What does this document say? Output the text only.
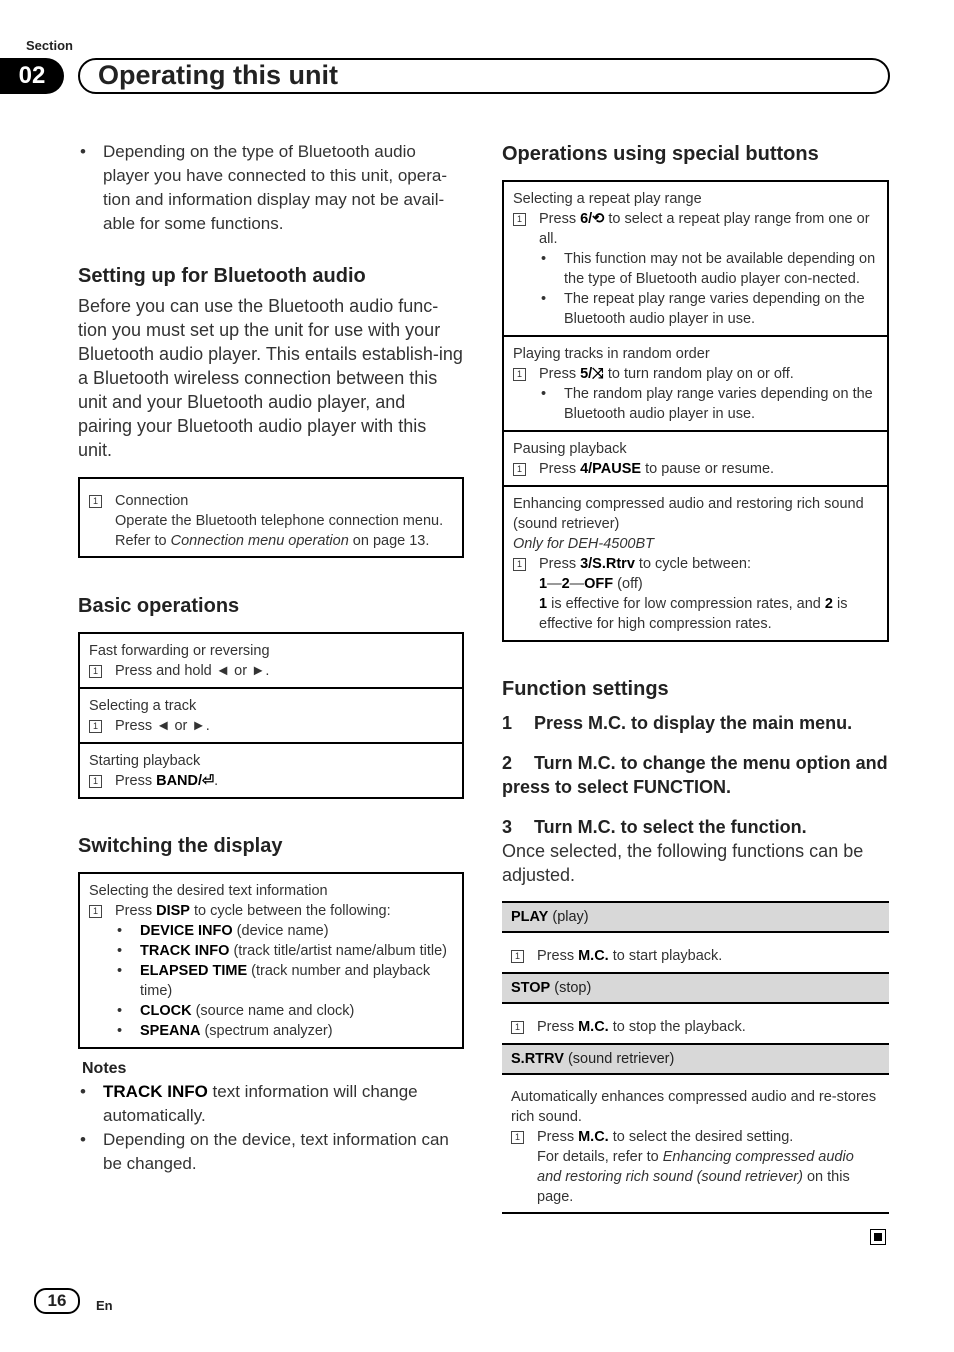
Section
02	Operating this unit
• Depending on the type of Bluetooth audio player you have connected to this unit, opera-tion and information display may not be avail-able for some functions.
Setting up for Bluetooth audio
Before you can use the Bluetooth audio func-tion you must set up the unit for use with your Bluetooth audio player. This entails establish-ing a Bluetooth wireless connection between this unit and your Bluetooth audio player, and pairing your Bluetooth audio player with this unit.
1 Connection
Operate the Bluetooth telephone connection menu. Refer to Connection menu operation on page 13.
Basic operations
Fast forwarding or reversing
1 Press and hold ◄ or ►.
Selecting a track
1 Press ◄ or ►.
Starting playback
1 Press BAND/⏎.
Switching the display
Selecting the desired text information
1 Press DISP to cycle between the following:
• DEVICE INFO (device name)
• TRACK INFO (track title/artist name/album title)
• ELAPSED TIME (track number and playback time)
• CLOCK (source name and clock)
• SPEANA (spectrum analyzer)
Notes
• TRACK INFO text information will change automatically.
• Depending on the device, text information can be changed.
Operations using special buttons
Selecting a repeat play range
1 Press 6/⟲ to select a repeat play range from one or all.
• This function may not be available depending on the type of Bluetooth audio player con-nected.
• The repeat play range varies depending on the Bluetooth audio player in use.
Playing tracks in random order
1 Press 5/⤨ to turn random play on or off.
• The random play range varies depending on the Bluetooth audio player in use.
Pausing playback
1 Press 4/PAUSE to pause or resume.
Enhancing compressed audio and restoring rich sound (sound retriever)
Only for DEH-4500BT
1 Press 3/S.Rtrv to cycle between:
1—2—OFF (off)
1 is effective for low compression rates, and 2 is effective for high compression rates.
Function settings
1 Press M.C. to display the main menu.
2 Turn M.C. to change the menu option and press to select FUNCTION.
3 Turn M.C. to select the function.
Once selected, the following functions can be adjusted.
PLAY (play)
1 Press M.C. to start playback.
STOP (stop)
1 Press M.C. to stop the playback.
S.RTRV (sound retriever)
Automatically enhances compressed audio and re-stores rich sound.
1 Press M.C. to select the desired setting.
For details, refer to Enhancing compressed audio and restoring rich sound (sound retriever) on this page.
16	En
